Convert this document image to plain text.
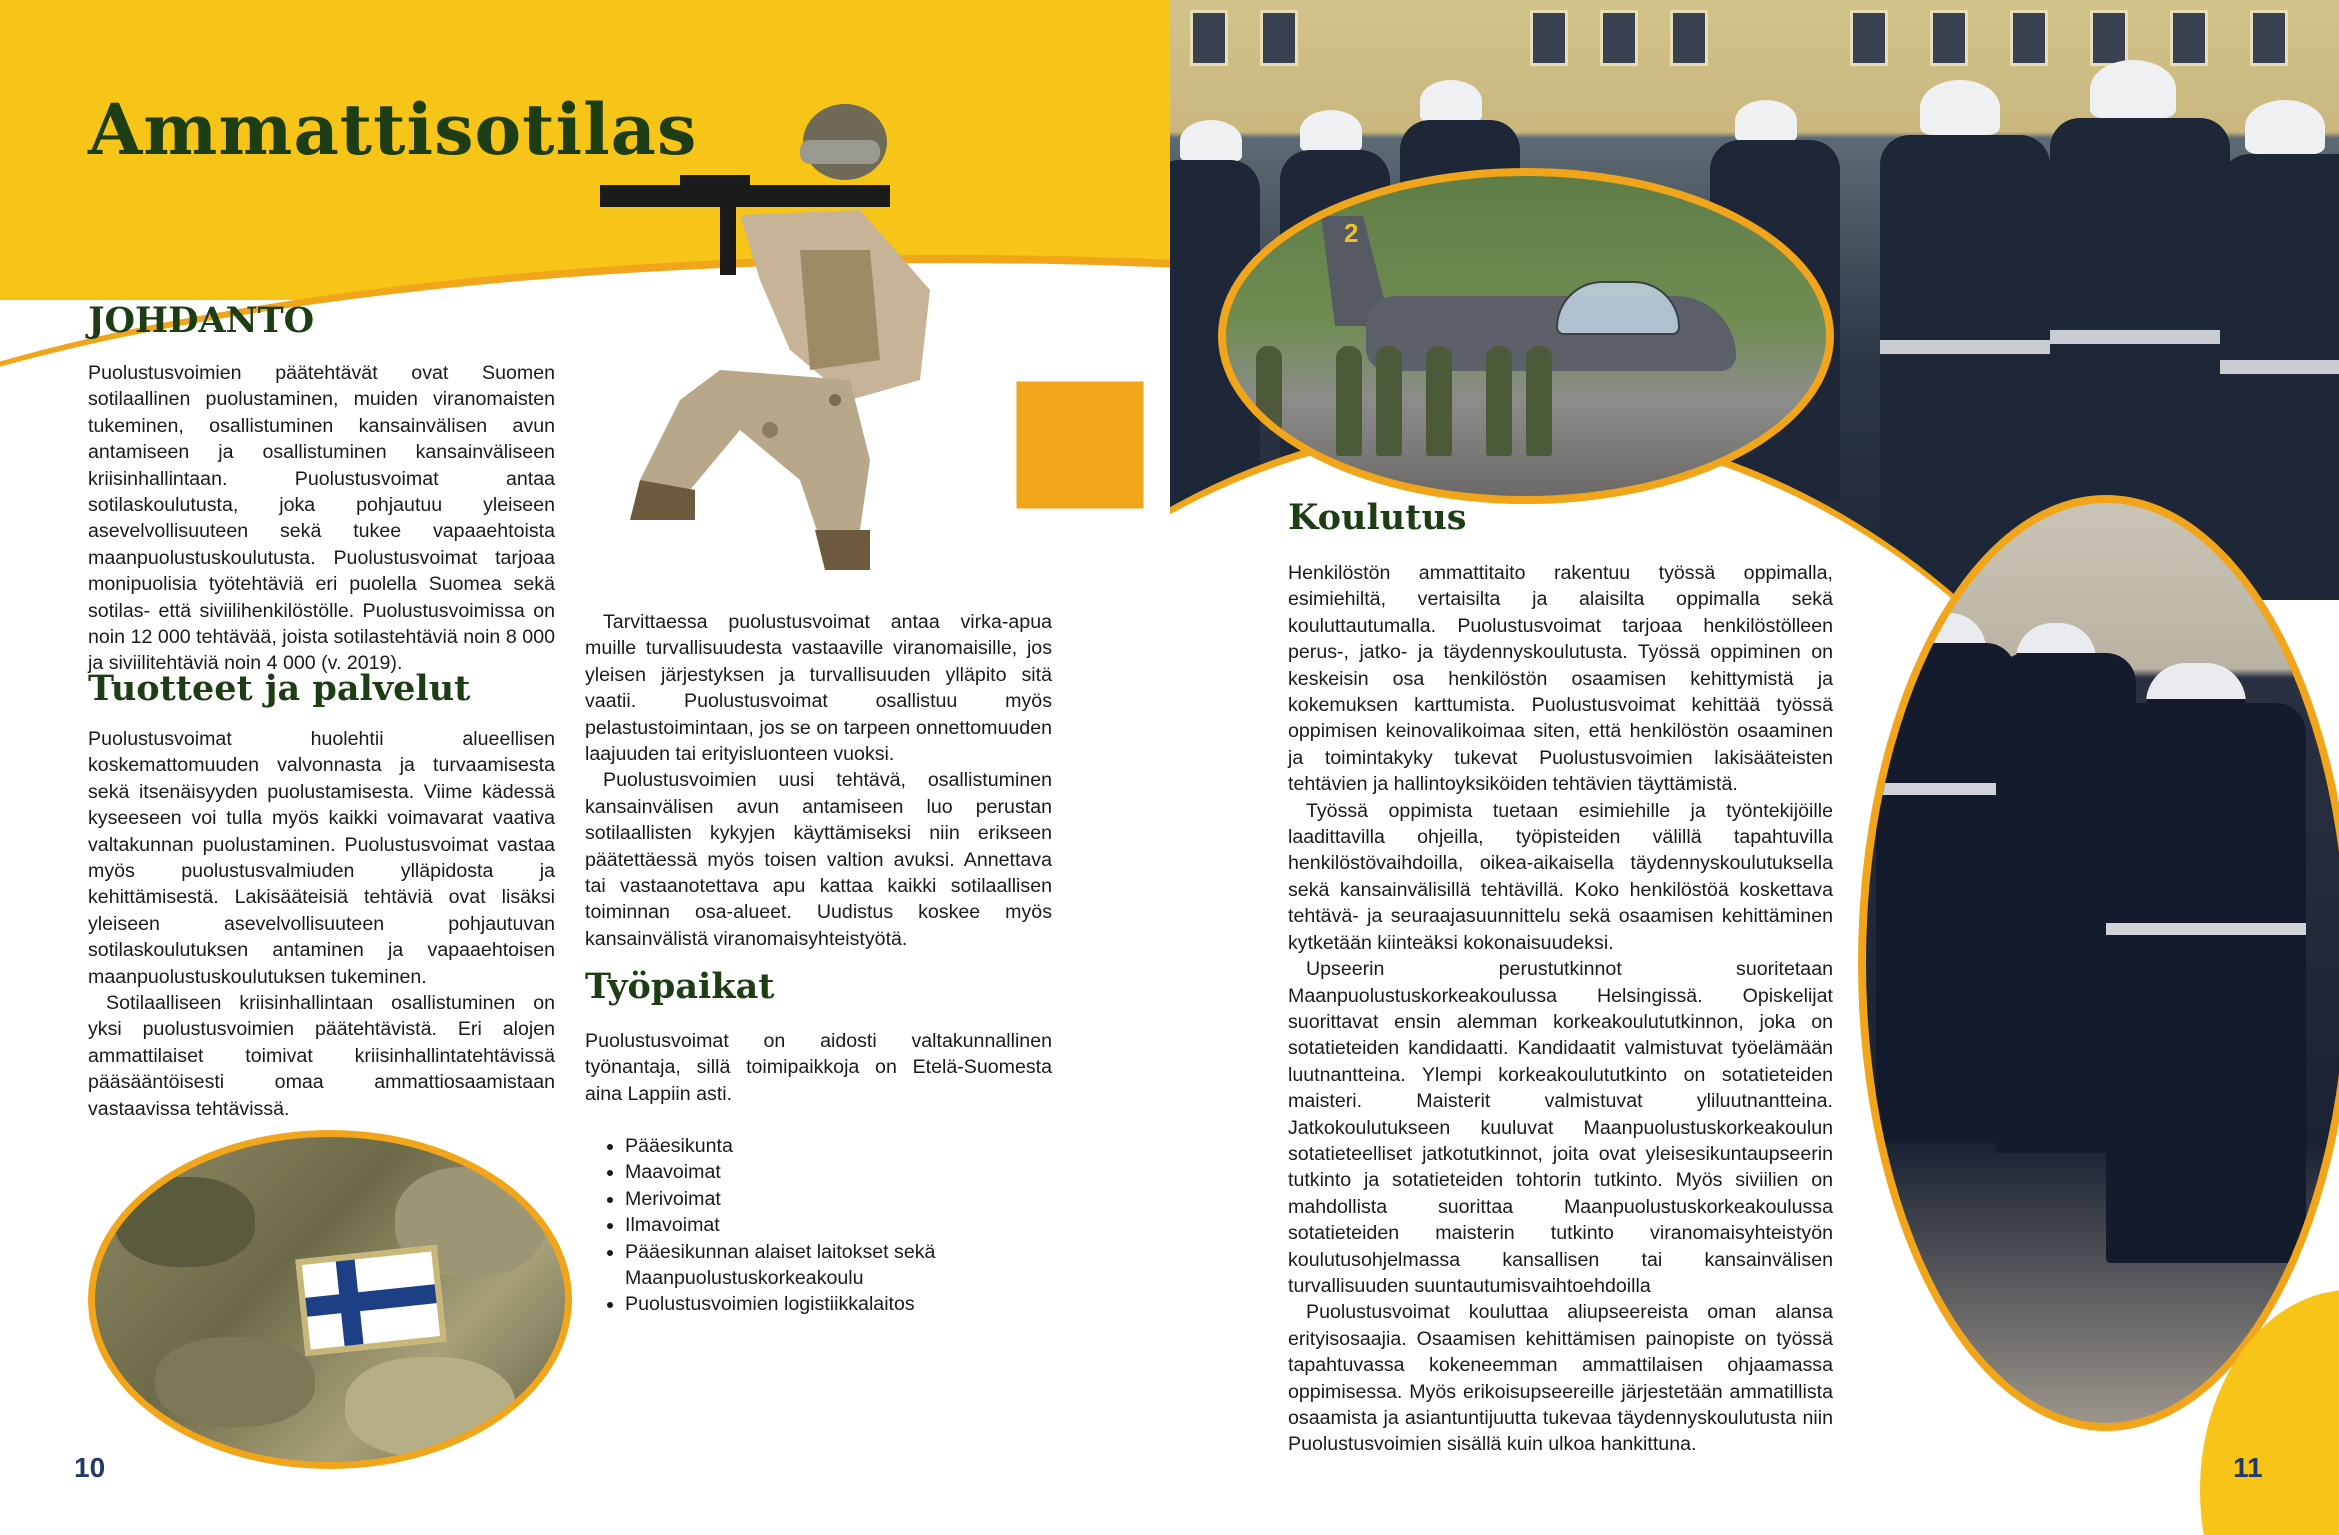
Ammattisotilas
JOHDANTO

Puolustusvoimien päätehtävät ovat Suomen sotilaallinen puolustaminen, muiden viranomaisten tukeminen, osallistuminen kansainvälisen avun antamiseen ja osallistuminen kansainväliseen kriisinhallintaan. Puolustusvoimat antaa sotilaskoulutusta, joka pohjautuu yleiseen asevelvollisuuteen sekä tukee vapaaehtoista maanpuolustuskoulutusta. Puolustusvoimat tarjoaa monipuolisia työtehtäviä eri puolella Suomea sekä sotilas- että siviilihenkilöstölle. Puolustusvoimissa on noin 12 000 tehtävää, joista sotilastehtäviä noin 8 000 ja siviilitehtäviä noin 4 000 (v. 2019).

Tuotteet ja palvelut

Puolustusvoimat huolehtii alueellisen koskemattomuuden valvonnasta ja turvaamisesta sekä itsenäisyyden puolustamisesta. Viime kädessä kyseeseen voi tulla myös kaikki voimavarat vaativa valtakunnan puolustaminen. Puolustusvoimat vastaa myös puolustusvalmiuden ylläpidosta ja kehittämisestä. Lakisääteisiä tehtäviä ovat lisäksi yleiseen asevelvollisuuteen pohjautuvan sotilaskoulutuksen antaminen ja vapaaehtoisen maanpuolustuskoulutuksen tukeminen.

Sotilaalliseen kriisinhallintaan osallistuminen on yksi puolustusvoimien päätehtävistä. Eri alojen ammattilaiset toimivat kriisinhallintatehtävissä pääsääntöisesti omaa ammattiosaamistaan vastaavissa tehtävissä.

Tarvittaessa puolustusvoimat antaa virka-apua muille turvallisuudesta vastaaville viranomaisille, jos yleisen järjestyksen ja turvallisuuden ylläpito sitä vaatii. Puolustusvoimat osallistuu myös pelastustoimintaan, jos se on tarpeen onnettomuuden laajuuden tai erityisluonteen vuoksi.

Puolustusvoimien uusi tehtävä, osallistuminen kansainvälisen avun antamiseen luo perustan sotilaallisten kykyjen käyttämiseksi niin erikseen päätettäessä myös toisen valtion avuksi. Annettava tai vastaanotettava apu kattaa kaikki sotilaallisen toiminnan osa-alueet. Uudistus koskee myös kansainvälistä viranomaisyhteistyötä.

Työpaikat

Puolustusvoimat on aidosti valtakunnallinen työnantaja, sillä toimipaikkoja on Etelä-Suomesta aina Lappiin asti.

• Pääesikunta
• Maavoimat
• Merivoimat
• Ilmavoimat
• Pääesikunnan alaiset laitokset sekä Maanpuolustuskorkeakoulu
• Puolustusvoimien logistiikkalaitos
10
2
Koulutus

Henkilöstön ammattitaito rakentuu työssä oppimalla, esimiehiltä, vertaisilta ja alaisilta oppimalla sekä kouluttautumalla. Puolustusvoimat tarjoaa henkilöstölleen perus-, jatko- ja täydennyskoulutusta. Työssä oppiminen on keskeisin osa henkilöstön osaamisen kehittymistä ja kokemuksen karttumista. Puolustusvoimat kehittää työssä oppimisen keinovalikoimaa siten, että henkilöstön osaaminen ja toimintakyky tukevat Puolustusvoimien lakisääteisten tehtävien ja hallintoyksiköiden tehtävien täyttämistä.

Työssä oppimista tuetaan esimiehille ja työntekijöille laadittavilla ohjeilla, työpisteiden välillä tapahtuvilla henkilöstövaihdoilla, oikea-aikaisella täydennyskoulutuksella sekä kansainvälisillä tehtävillä. Koko henkilöstöä koskettava tehtävä- ja seuraajasuunnittelu sekä osaamisen kehittäminen kytketään kiinteäksi kokonaisuudeksi.

Upseerin perustutkinnot suoritetaan Maanpuolustuskorkeakoulussa Helsingissä. Opiskelijat suorittavat ensin alemman korkeakoulututkinnon, joka on sotatieteiden kandidaatti. Kandidaatit valmistuvat työelämään luutnantteina. Ylempi korkeakoulututkinto on sotatieteiden maisteri. Maisterit valmistuvat yliluutnantteina. Jatkokoulutukseen kuuluvat Maanpuolustuskorkeakoulun sotatieteelliset jatkotutkinnot, joita ovat yleisesikuntaupseerin tutkinto ja sotatieteiden tohtorin tutkinto. Myös siviilien on mahdollista suorittaa Maanpuolustuskorkeakoulussa sotatieteiden maisterin tutkinto viranomaisyhteistyön koulutusohjelmassa kansallisen tai kansainvälisen turvallisuuden suuntautumisvaihtoehdoilla

Puolustusvoimat kouluttaa aliupseereista oman alansa erityisosaajia. Osaamisen kehittämisen painopiste on työssä tapahtuvassa kokeneemman ammattilaisen ohjaamassa oppimisessa. Myös erikoisupseereille järjestetään ammatillista osaamista ja asiantuntijuutta tukevaa täydennyskoulutusta niin Puolustusvoimien sisällä kuin ulkoa hankittuna.

11
